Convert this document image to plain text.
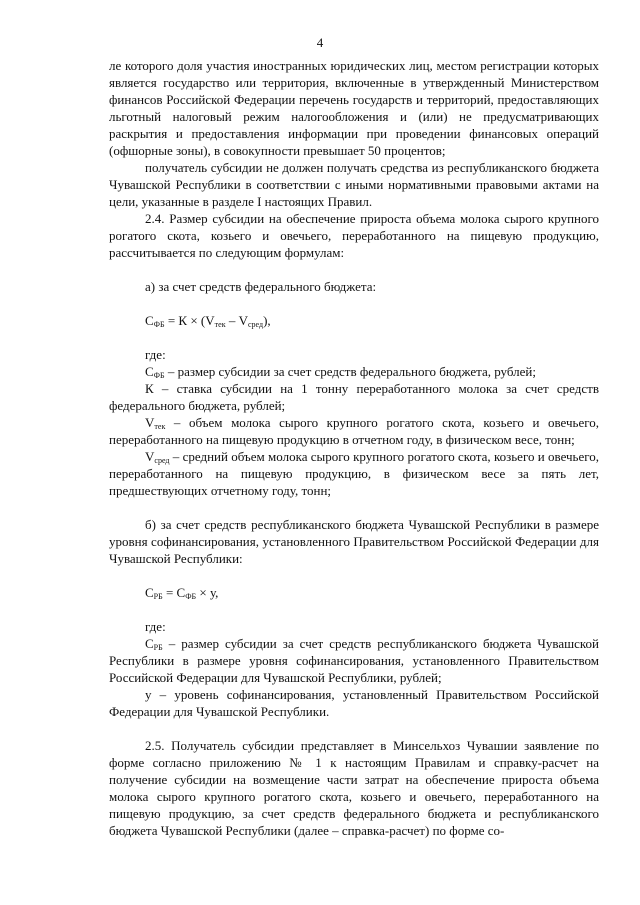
4

ле которого доля участия иностранных юридических лиц, местом регистрации которых является государство или территория, включенные в утвержденный Министерством финансов Российской Федерации перечень государств и территорий, предоставляющих льготный налоговый режим налогообложения и (или) не предусматривающих раскрытия и предоставления информации при проведении финансовых операций (офшорные зоны), в совокупности превышает 50 процентов;

получатель субсидии не должен получать средства из республиканского бюджета Чувашской Республики в соответствии с иными нормативными правовыми актами на цели, указанные в разделе I настоящих Правил.

2.4. Размер субсидии на обеспечение прироста объема молока сырого крупного рогатого скота, козьего и овечьего, переработанного на пищевую продукцию, рассчитывается по следующим формулам:

а) за счет средств федерального бюджета:

$С_{ФБ} = К \times (V_{тек} - V_{сред})$,

где:

$С_{ФБ}$ – размер субсидии за счет средств федерального бюджета, рублей;

К – ставка субсидии на 1 тонну переработанного молока за счет средств федерального бюджета, рублей;

$V_{тек}$ – объем молока сырого крупного рогатого скота, козьего и овечьего, переработанного на пищевую продукцию в отчетном году, в физическом весе, тонн;

$V_{сред}$ – средний объем молока сырого крупного рогатого скота, козьего и овечьего, переработанного на пищевую продукцию, в физическом весе за пять лет, предшествующих отчетному году, тонн;

б) за счет средств республиканского бюджета Чувашской Республики в размере уровня софинансирования, установленного Правительством Российской Федерации для Чувашской Республики:

$С_{РБ} = С_{ФБ} \times у$,

где:

$С_{РБ}$ – размер субсидии за счет средств республиканского бюджета Чувашской Республики в размере уровня софинансирования, установленного Правительством Российской Федерации для Чувашской Республики, рублей;

у – уровень софинансирования, установленный Правительством Российской Федерации для Чувашской Республики.

2.5. Получатель субсидии представляет в Минсельхоз Чувашии заявление по форме согласно приложению № 1 к настоящим Правилам и справку-расчет на получение субсидии на возмещение части затрат на обеспечение прироста объема молока сырого крупного рогатого скота, козьего и овечьего, переработанного на пищевую продукцию, за счет средств федерального бюджета и республиканского бюджета Чувашской Республики (далее – справка-расчет) по форме со-
